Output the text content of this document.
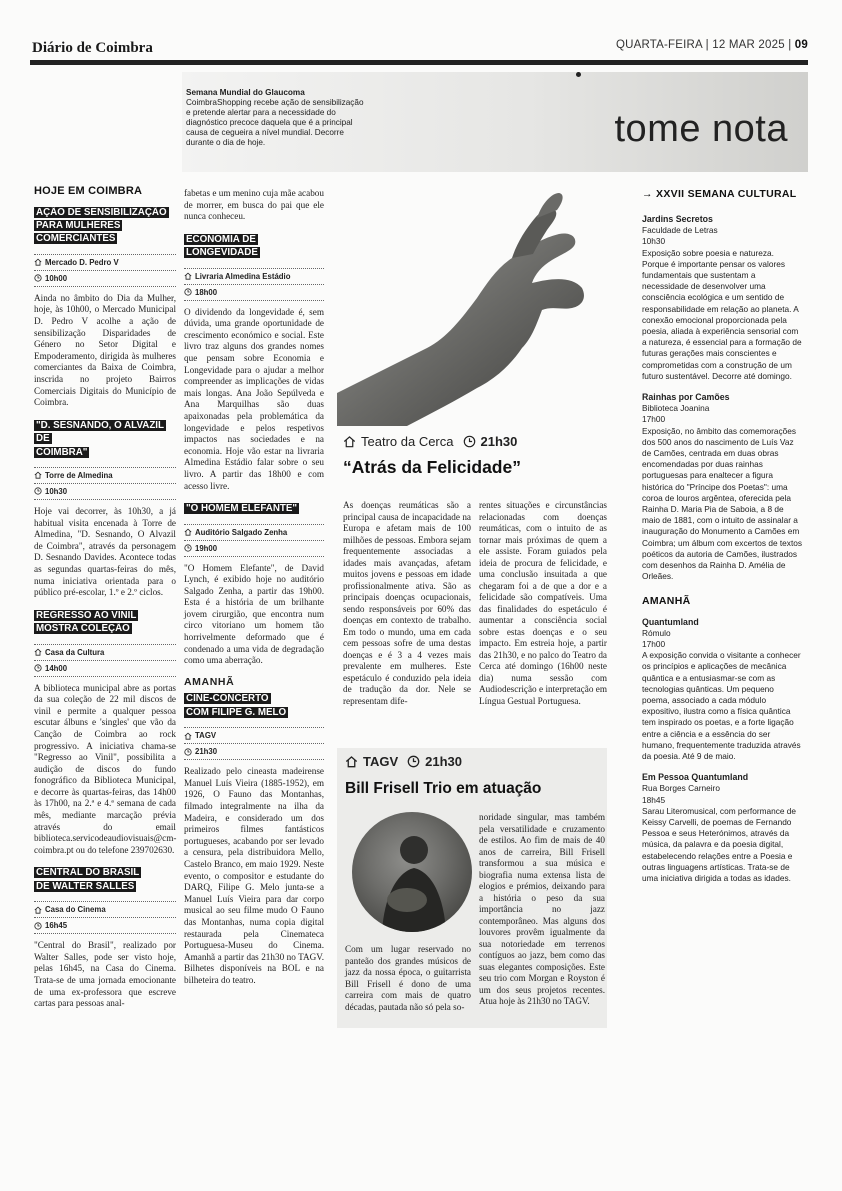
Diário de Coimbra	QUARTA-FEIRA | 12 MAR 2025 | 09
Semana Mundial do Glaucoma
CoimbraShopping recebe ação de sensibilização e pretende alertar para a necessidade do diagnóstico precoce daquela que é a principal causa de cegueira a nível mundial. Decorre durante o dia de hoje.	tome nota
HOJE EM COIMBRA
AÇÃO DE SENSIBILIZAÇÃO
PARA MULHERES
COMERCIANTES
Mercado D. Pedro V
10h00
Ainda no âmbito do Dia da Mulher, hoje, às 10h00, o Mercado Municipal D. Pedro V acolhe a ação de sensibilização Disparidades de Género no Setor Digital e Empoderamento, dirigida às mulheres comerciantes da Baixa de Coimbra, inscrida no projeto Bairros Comerciais Digitais do Município de Coimbra.
"D. SESNANDO, O ALVAZIL DE
COIMBRA"
Torre de Almedina
10h30
Hoje vai decorrer, às 10h30, a já habitual visita encenada à Torre de Almedina, "D. Sesnando, O Alvazil de Coimbra", através da personagem D. Sesnando Davides. Acontece todas as segundas quartas-feiras do mês, numa iniciativa orientada para o público pré-escolar, 1.º e 2.º ciclos.
REGRESSO AO VINIL
MOSTRA COLEÇÃO
Casa da Cultura
14h00
A biblioteca municipal abre as portas da sua coleção de 22 mil discos de vinil e permite a qualquer pessoa escutar álbuns e 'singles' que vão da Canção de Coimbra ao rock progressivo. A iniciativa chama-se "Regresso ao Vinil", possibilita a audição de discos do fundo fonográfico da Biblioteca Municipal, e decorre às quartas-feiras, das 14h00 às 17h00, na 2.ª e 4.ª semana de cada mês, mediante marcação prévia através do email biblioteca.servicodeaudiovisuais@cm-coimbra.pt ou do telefone 239702630.
CENTRAL DO BRASIL
DE WALTER SALLES
Casa do Cinema
16h45
"Central do Brasil", realizado por Walter Salles, pode ser visto hoje, pelas 16h45, na Casa do Cinema. Trata-se de uma jornada emocionante de uma ex-professora que escreve cartas para pessoas anal-
fabetas e um menino cuja mãe acabou de morrer, em busca do pai que ele nunca conheceu.
ECONOMIA DE LONGEVIDADE
Livraria Almedina Estádio
18h00
O dividendo da longevidade é, sem dúvida, uma grande oportunidade de crescimento económico e social. Este livro traz alguns dos grandes nomes que pensam sobre Economia e Longevidade para o ajudar a melhor compreender as implicações de vidas mais longas. Ana João Sepúlveda e Ana Marquilhas são duas apaixonadas pela problemática da longevidade e pelos respetivos impactos nas sociedades e na economia. Hoje vão estar na livraria Almedina Estádio falar sobre o seu livro. A partir das 18h00 e com acesso livre.
"O HOMEM ELEFANTE"
Auditório Salgado Zenha
19h00
"O Homem Elefante", de David Lynch, é exibido hoje no auditório Salgado Zenha, a partir das 19h00. Esta é a história de um brilhante jovem cirurgião, que encontra num circo vitoriano um homem tão horrivelmente deformado que é condenado a uma vida de degradação como uma aberração.
AMANHÃ
CINE-CONCERTO
COM FILIPE G. MELO
TAGV
21h30
Realizado pelo cineasta madeirense Manuel Luís Vieira (1885-1952), em 1926, O Fauno das Montanhas, filmado integralmente na ilha da Madeira, e considerado um dos primeiros filmes fantásticos portugueses, acabando por ser levado a censura, pela distribuidora Mello, Castelo Branco, em maio 1929. Neste evento, o compositor e estudante do DARQ, Filipe G. Melo junta-se a Manuel Luís Vieira para dar corpo musical ao seu filme mudo O Fauno das Montanhas, numa copia digital restaurada pela Cinemateca Portuguesa-Museu do Cinema. Amanhã a partir das 21h30 no TAGV. Bilhetes disponíveis na BOL e na bilheteira do teatro.
Teatro da Cerca 21h30
“Atrás da Felicidade”
As doenças reumáticas são a principal causa de incapacidade na Europa e afetam mais de 100 milhões de pessoas. Embora sejam frequentemente associadas a idades mais avançadas, afetam muitos jovens e pessoas em idade profissionalmente ativa. São as principais doenças ocupacionais, sendo responsáveis por 60% das doenças em contexto de trabalho. Em todo o mundo, uma em cada cem pessoas sofre de uma destas doenças e é 3 a 4 vezes mais prevalente em mulheres. Este espetáculo é conduzido pela ideia de tradução da dor. Nele se representam dife-
rentes situações e circunstâncias relacionadas com doenças reumáticas, com o intuito de as tornar mais próximas de quem a ele assiste. Foram guiados pela ideia de procura de felicidade, e uma conclusão insuitada a que chegaram foi a de que a dor e a felicidade são compatíveis. Uma das finalidades do espetáculo é aumentar a consciência social sobre estas doenças e o seu impacto. Em estreia hoje, a partir das 21h30, e no palco do Teatro da Cerca até domingo (16h00 neste dia) numa sessão com Audiodescrição e interpretação em Língua Gestual Portuguesa.
TAGV 21h30
Bill Frisell Trio em atuação
Com um lugar reservado no panteão dos grandes músicos de jazz da nossa época, o guitarrista Bill Frisell é dono de uma carreira com mais de quatro décadas, pautada não só pela so-
noridade singular, mas também pela versatilidade e cruzamento de estilos. Ao fim de mais de 40 anos de carreira, Bill Frisell transformou a sua música e biografia numa extensa lista de elogios e prémios, deixando para a história o peso da sua importância no jazz contemporâneo. Mas alguns dos louvores provêm igualmente da sua notoriedade em terrenos contíguos ao jazz, bem como das suas elegantes composições. Este seu trio com Morgan e Royston é um dos seus projetos recentes. Atua hoje às 21h30 no TAGV.
→ XXVII SEMANA CULTURAL
Jardins Secretos
Faculdade de Letras
10h30
Exposição sobre poesia e natureza. Porque é importante pensar os valores fundamentais que sustentam a necessidade de desenvolver uma consciência ecológica e um sentido de responsabilidade em relação ao planeta. A conexão emocional proporcionada pela poesia, aliada à experiência sensorial com a natureza, é essencial para a formação de futuras gerações mais conscientes e comprometidas com a construção de um futuro sustentável. Decorre até domingo.
Rainhas por Camões
Biblioteca Joanina
17h00
Exposição, no âmbito das comemorações dos 500 anos do nascimento de Luís Vaz de Camões, centrada em duas obras encomendadas por duas rainhas portuguesas para enaltecer a figura histórica do "Príncipe dos Poetas": uma coroa de louros argêntea, oferecida pela Rainha D. Maria Pia de Saboia, a 8 de maio de 1881, com o intuito de assinalar a inauguração do Monumento a Camões em Coimbra; um álbum com excertos de textos poéticos da autoria de Camões, ilustrados com desenhos da Rainha D. Amélia de Orleães.
AMANHÃ
Quantumland
Rómulo
17h00
A exposição convida o visitante a conhecer os princípios e aplicações de mecânica quântica e a entusiasmar-se com as tecnologias quânticas. Um pequeno poema, associado a cada módulo expositivo, ilustra como a física quântica tem inspirado os poetas, e a forte ligação entre a ciência e a essência do ser humano, frequentemente traduzida através da poesia. Até 9 de maio.
Em Pessoa Quantumland
Rua Borges Carneiro
18h45
Sarau Literomusical, com performance de Keissy Carvelli, de poemas de Fernando Pessoa e seus Heterónimos, através da música, da palavra e da poesia digital, estabelecendo relações entre a Poesia e outras linguagens artísticas. Trata-se de uma iniciativa dirigida a todas as idades.
